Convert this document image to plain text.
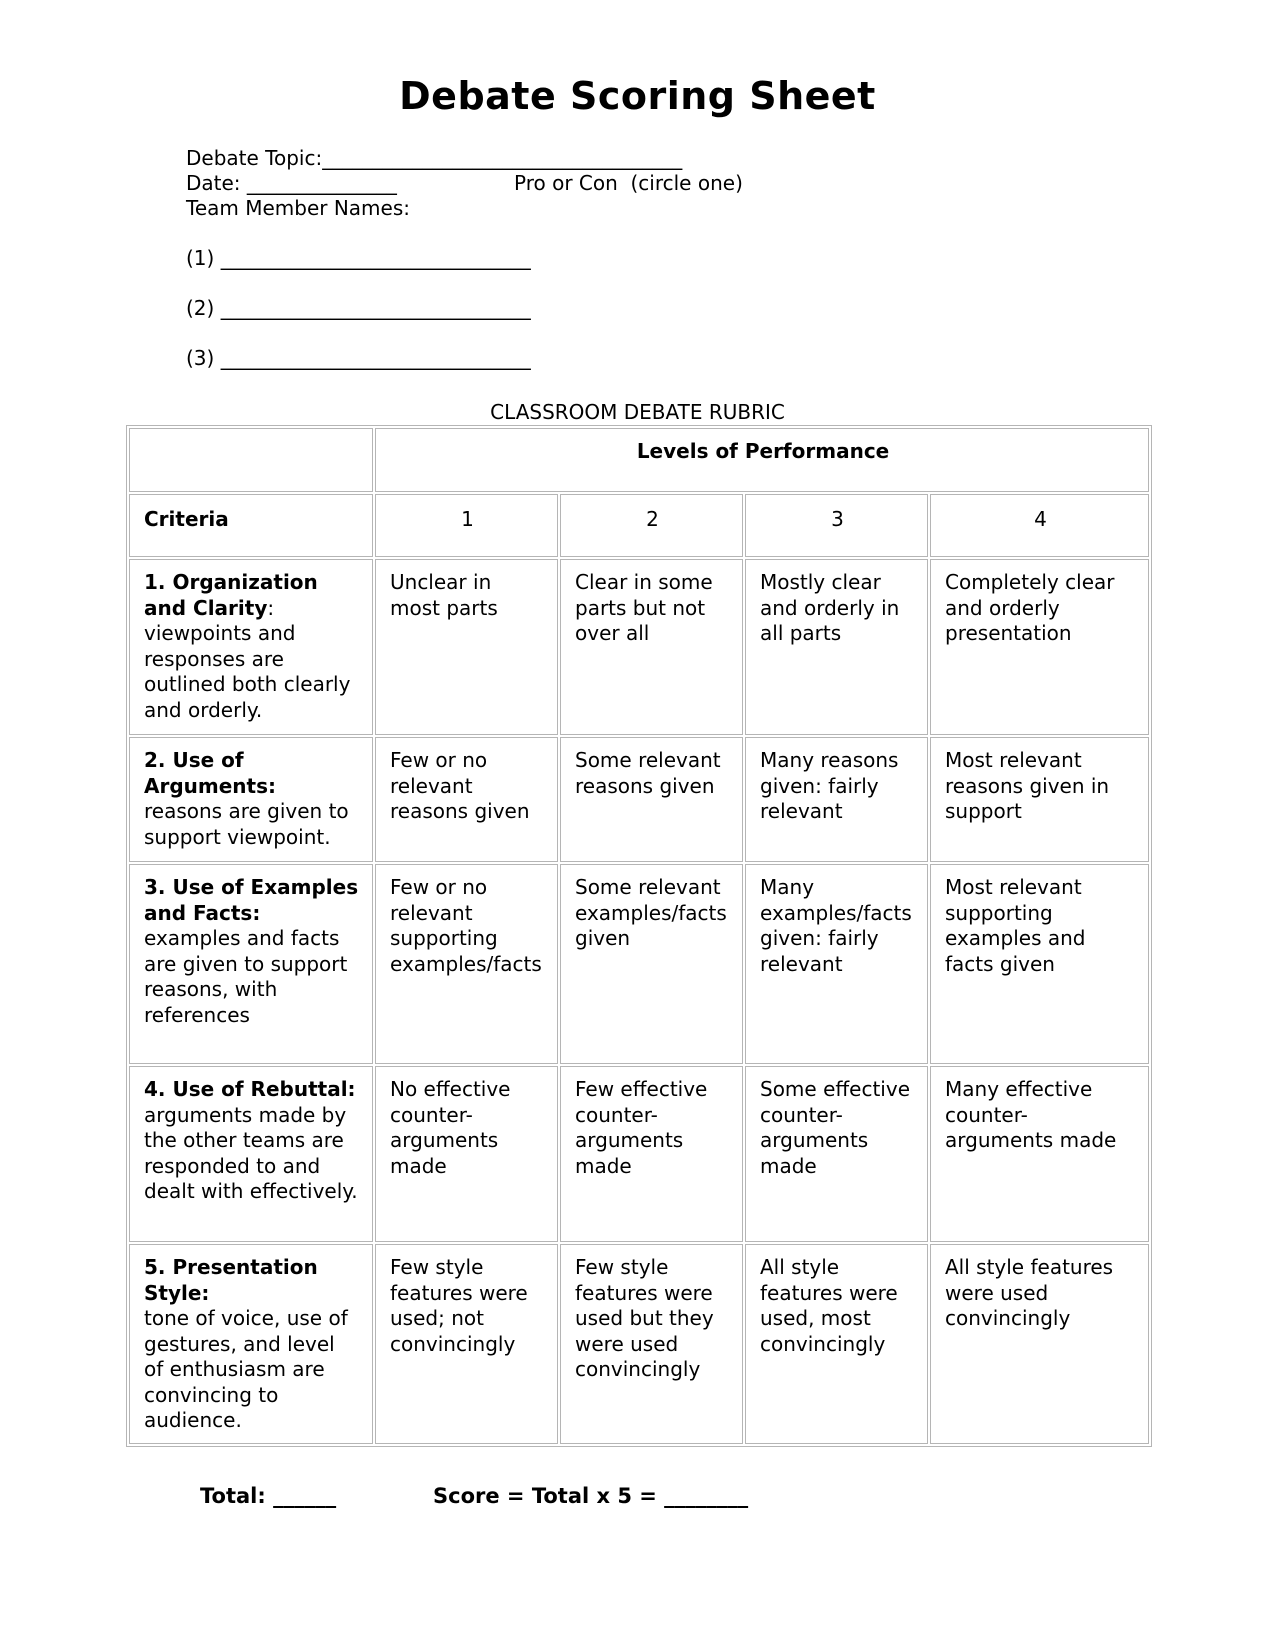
Debate Scoring Sheet
Debate Topic:____________________________________
Date: _______________	Pro or Con  (circle one)
Team Member Names:
(1) _______________________________
(2) _______________________________
(3) _______________________________
CLASSROOM DEBATE RUBRIC
	Levels of Performance			
Criteria	1	2	3	4
1. Organization and Clarity:
viewpoints and responses are outlined both clearly and orderly.	Unclear in most parts	Clear in some parts but not over all	Mostly clear and orderly in all parts	Completely clear and orderly presentation
2. Use of Arguments:
reasons are given to support viewpoint.	Few or no relevant reasons given	Some relevant reasons given	Many reasons given: fairly relevant	Most relevant reasons given in support
3. Use of Examples and Facts:
examples and facts are given to support reasons, with references	Few or no relevant supporting examples/facts	Some relevant examples/facts given	Many examples/facts given: fairly relevant	Most relevant supporting examples and facts given
4. Use of Rebuttal:
arguments made by the other teams are responded to and dealt with effectively.	No effective counter-arguments made	Few effective counter-arguments made	Some effective counter-arguments made	Many effective counter-arguments made
5. Presentation Style:
tone of voice, use of gestures, and level of enthusiasm are convincing to audience.	Few style features were used; not convincingly	Few style features were used but they were used convincingly	All style features were used, most convincingly	All style features were used convincingly
Total: ______	Score = Total x 5 = ________
